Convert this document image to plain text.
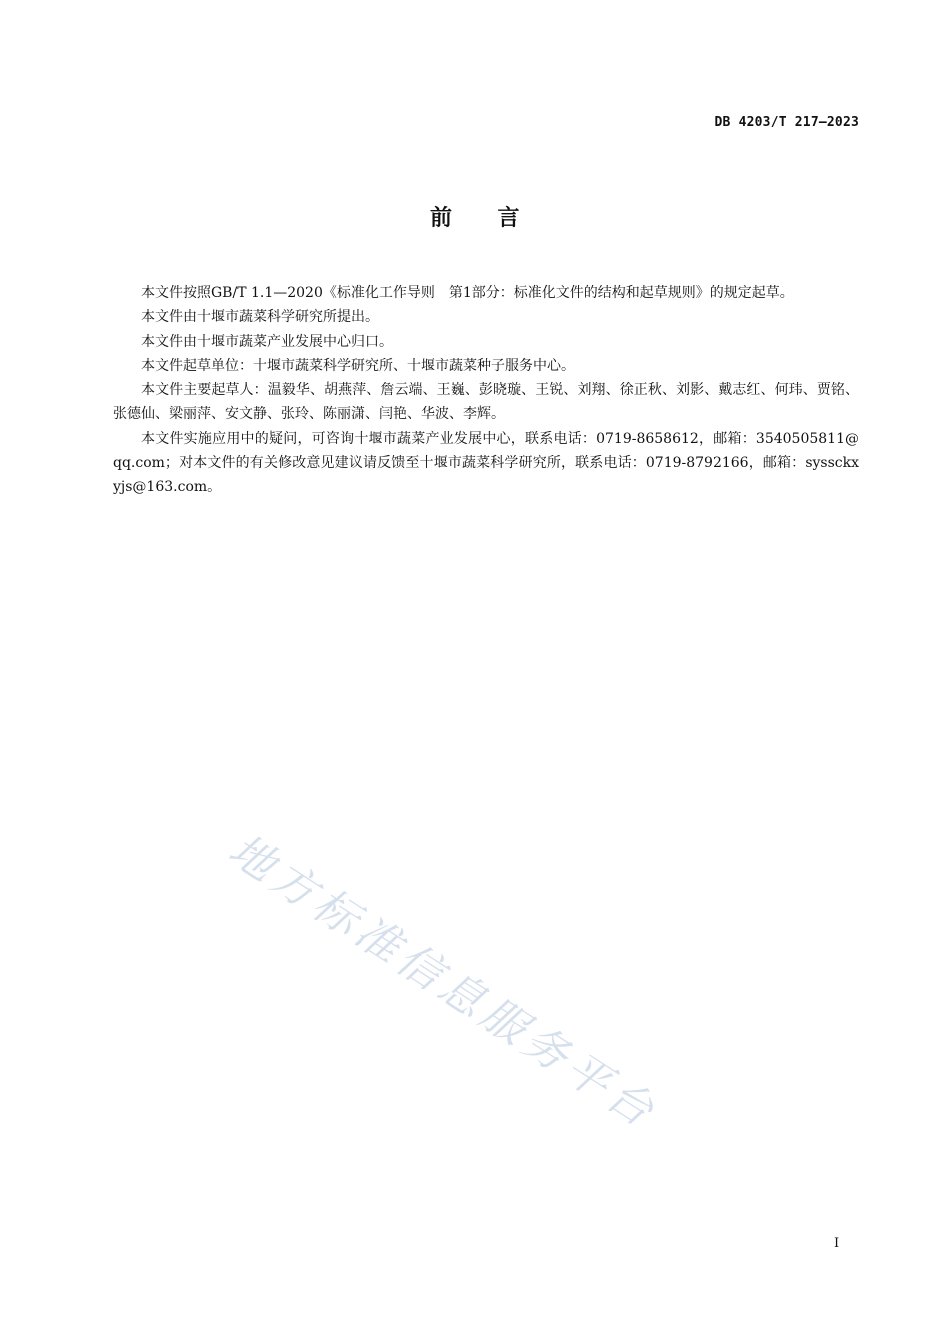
DB 4203/T 217—2023
前　　言

本文件按照GB/T 1.1—2020《标准化工作导则　第1部分：标准化文件的结构和起草规则》的规定起草。

本文件由十堰市蔬菜科学研究所提出。

本文件由十堰市蔬菜产业发展中心归口。

本文件起草单位：十堰市蔬菜科学研究所、十堰市蔬菜种子服务中心。

本文件主要起草人：温毅华、胡燕萍、詹云端、王巍、彭晓璇、王锐、刘翔、徐正秋、刘影、戴志红、何玮、贾铭、张德仙、梁丽萍、安文静、张玲、陈丽潇、闫艳、华波、李辉。

本文件实施应用中的疑问，可咨询十堰市蔬菜产业发展中心，联系电话：0719-8658612，邮箱：3540505811@qq.com；对本文件的有关修改意见建议请反馈至十堰市蔬菜科学研究所，联系电话：0719-8792166，邮箱：syssckxyjs@163.com。

地方标准信息服务平台
I
